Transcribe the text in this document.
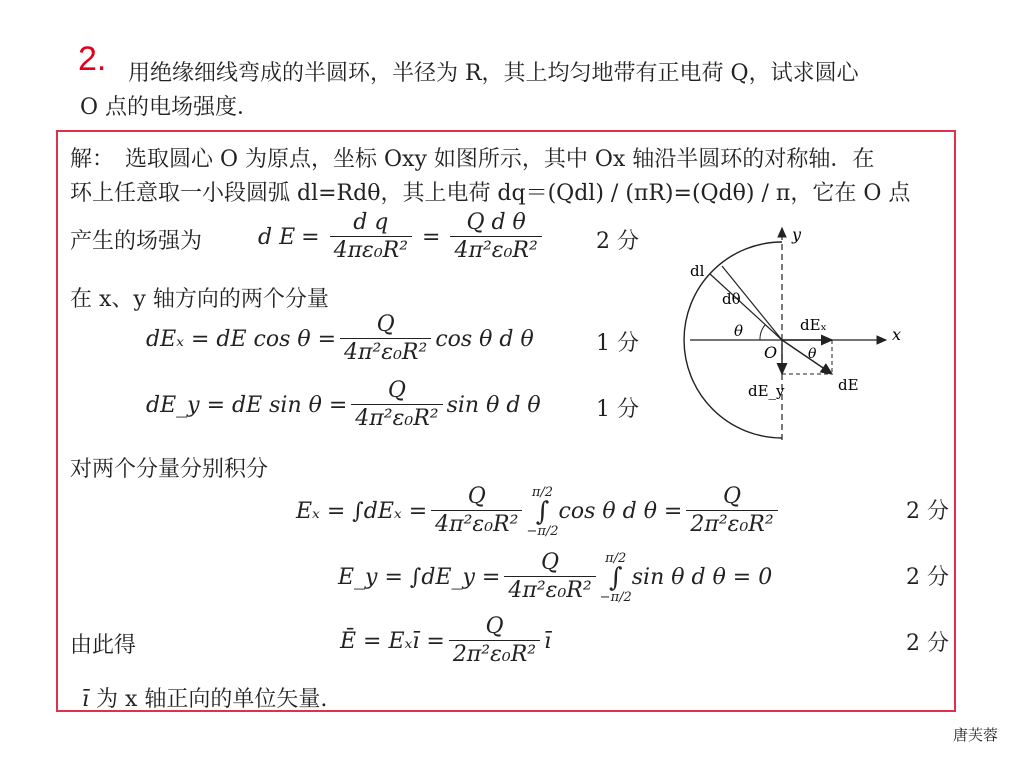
2. 用绝缘细线弯成的半圆环，半径为 R，其上均匀地带有正电荷 Q，试求圆心
O 点的电场强度．
解：　选取圆心 O 为原点，坐标 Oxy 如图所示，其中 Ox 轴沿半圆环的对称轴．在
环上任意取一小段圆弧 dl=Rdθ，其上电荷 dq＝(Qdl) / (πR)=(Qdθ) / π，它在 O 点
产生的场强为	d $E = \frac{\text{d q}}{\text{4πε₀R²}} = \frac{\text{Q d θ}}{\text{4π²ε₀R²}} 2$ 分
在 x、y 轴方向的两个分量
dEₓ = dE $\cos \theta = \frac{Q}{\text{4π²ε₀R²}}$ cos θ d θ	1 分
dE_y = dE $\sin \theta = \frac{Q}{\text{4π²ε₀R²}}$ sin θ d θ	1 分
对两个分量分别积分
$E_x = \int dE_x = \frac{Q}{\text{4π²ε₀R²}} \pi/2$
∫
−π/2
cos θ d $\theta = \frac{Q}{\text{2π²ε₀R²}}$	2 分
E_y = ∫dE_y = $\frac{Q}{\text{4π²ε₀R²}} \pi/2$
∫
−π/2
sin θ d θ = 0	2 分
由此得	Ē = Eₓī = $\frac{Q}{\text{2π²ε₀R²}}$ ī	2 分
ī 为 x 轴正向的单位矢量.
y
x
dl
dθ
θ
θ
O
dEₓ
dE_y	dE
唐芙蓉
